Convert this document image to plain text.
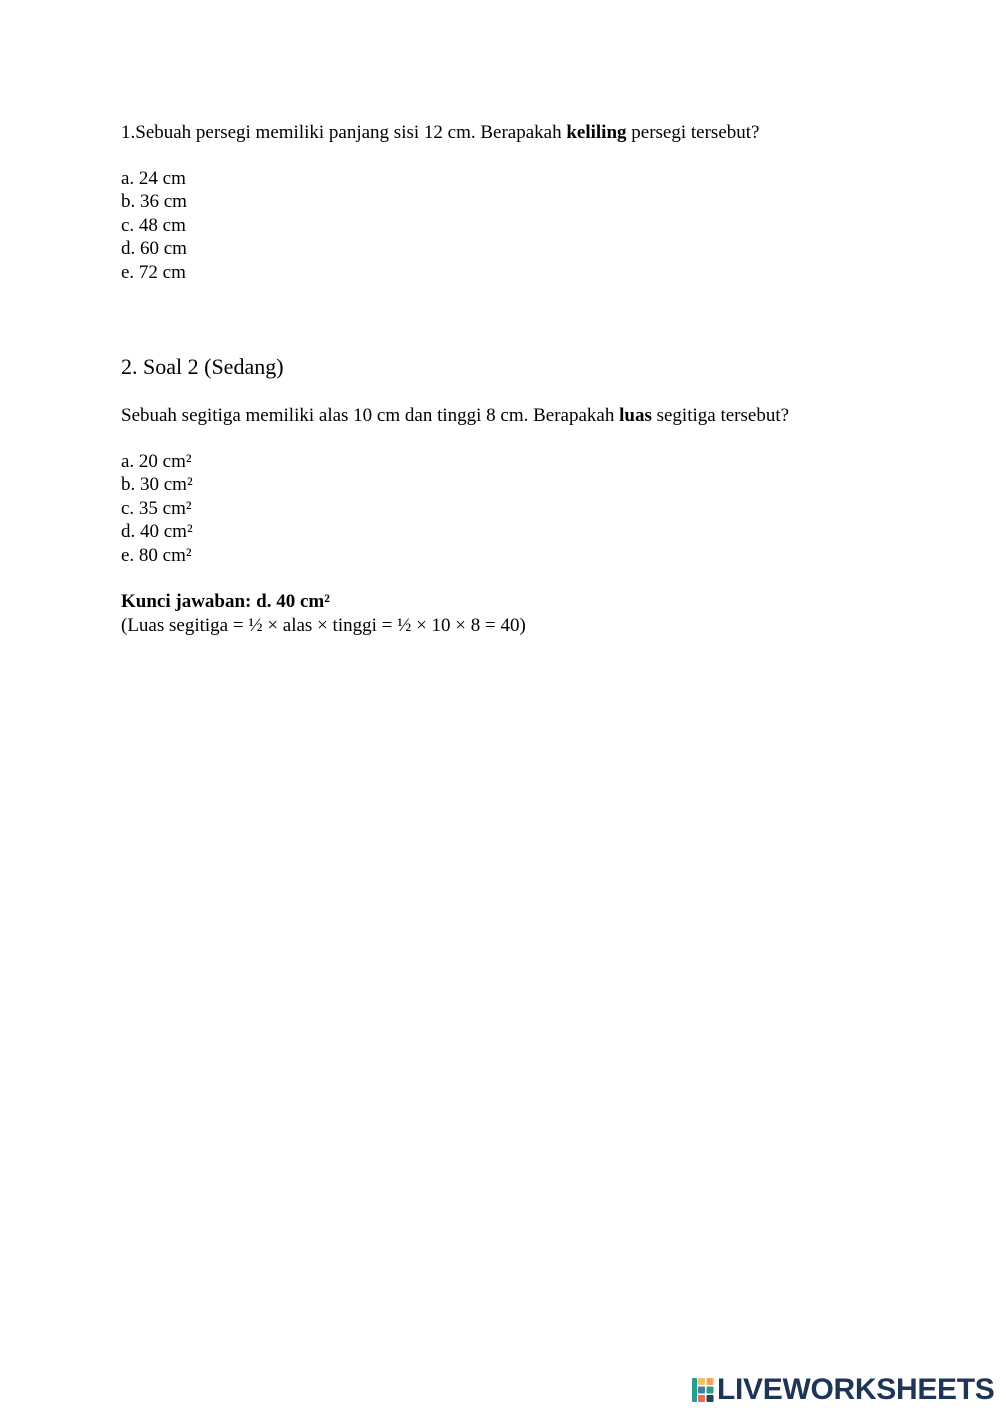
1.Sebuah persegi memiliki panjang sisi 12 cm. Berapakah keliling persegi tersebut?
a. 24 cm
b. 36 cm
c. 48 cm
d. 60 cm
e. 72 cm
2. Soal 2 (Sedang)
Sebuah segitiga memiliki alas 10 cm dan tinggi 8 cm. Berapakah luas segitiga tersebut?
a. 20 cm²
b. 30 cm²
c. 35 cm²
d. 40 cm²
e. 80 cm²
Kunci jawaban: d. 40 cm²
(Luas segitiga = ½ × alas × tinggi = ½ × 10 × 8 = 40)
LIVEWORKSHEETS
